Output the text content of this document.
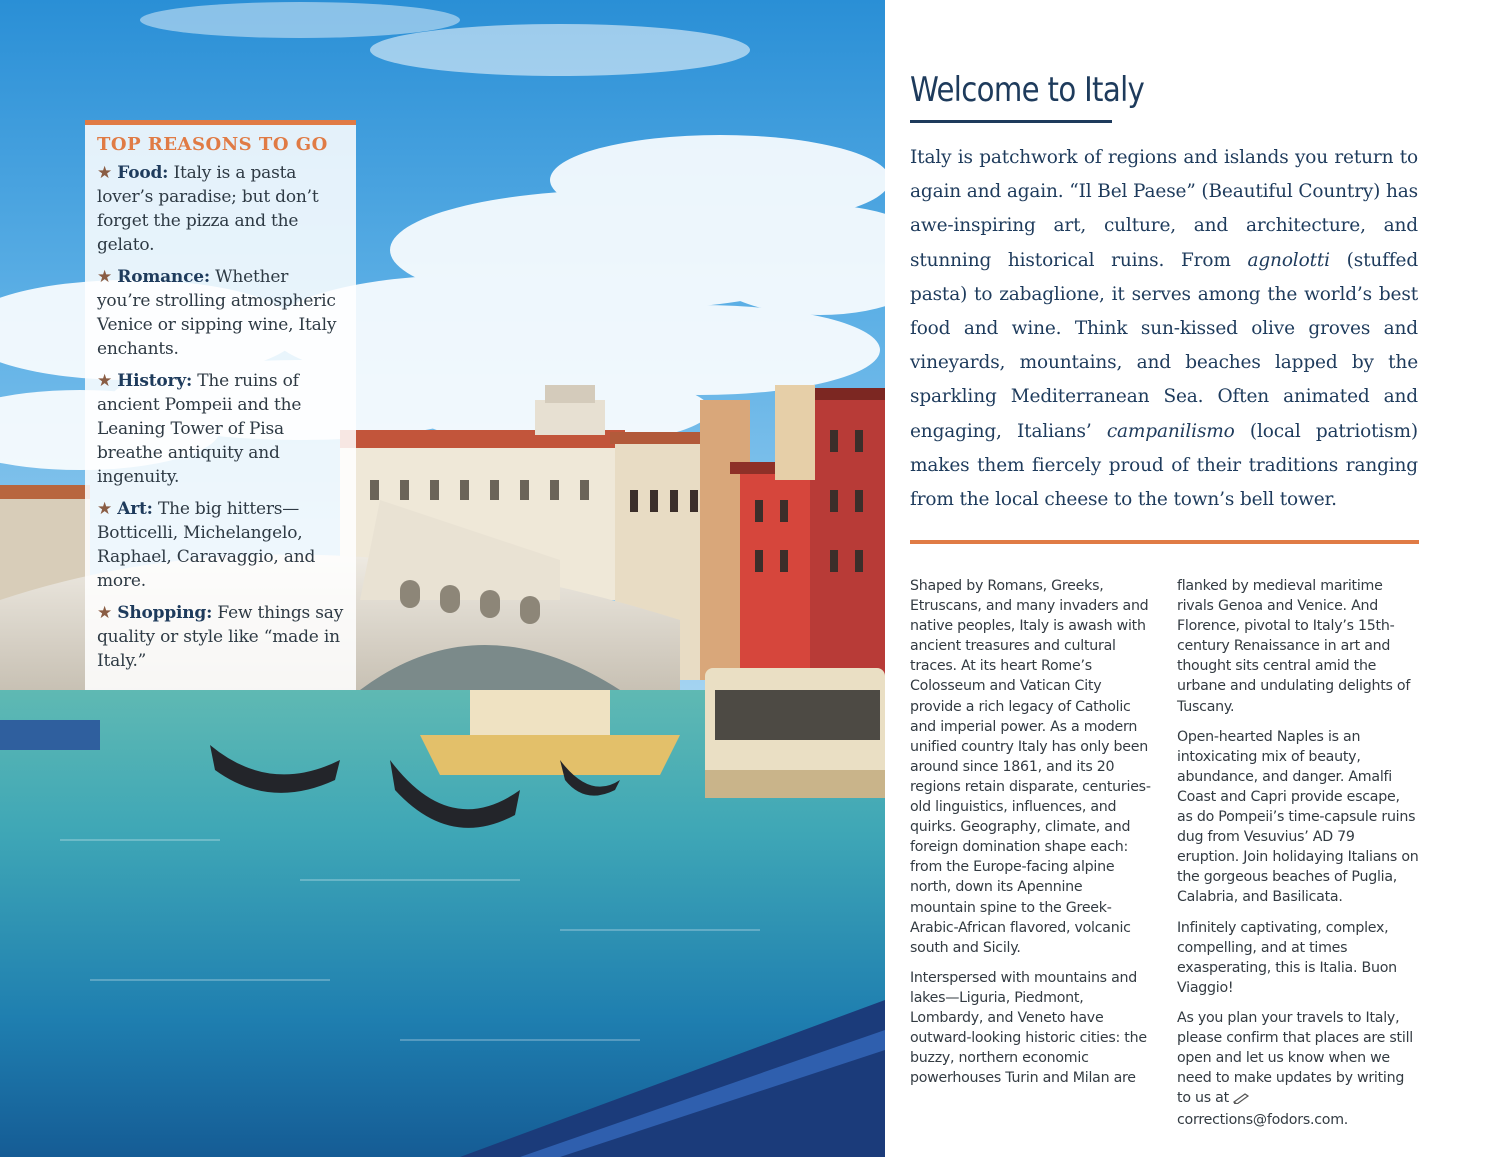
TOP REASONS TO GO

★ Food: Italy is a pasta lover’s paradise; but don’t forget the pizza and the gelato.

★ Romance: Whether you’re strolling atmospheric Venice or sipping wine, Italy enchants.

★ History: The ruins of ancient Pompeii and the Leaning Tower of Pisa breathe antiquity and ingenuity.

★ Art: The big hitters—Botticelli, Michelangelo, Raphael, Caravaggio, and more.

★ Shopping: Few things say quality or style like “made in Italy.”

Welcome to Italy

Italy is patchwork of regions and islands you return to again and again. “Il Bel Paese” (Beautiful Country) has awe-inspiring art, culture, and architecture, and stunning historical ruins. From agnolotti (stuffed pasta) to zabaglione, it serves among the world’s best food and wine. Think sun-kissed olive groves and vineyards, mountains, and beaches lapped by the sparkling Mediterranean Sea. Often animated and engaging, Italians’ campanilismo (local patriotism) makes them fiercely proud of their traditions ranging from the local cheese to the town’s bell tower.

Shaped by Romans, Greeks, Etruscans, and many invaders and native peoples, Italy is awash with ancient treasures and cultural traces. At its heart Rome’s Colosseum and Vatican City provide a rich legacy of Catholic and imperial power. As a modern unified country Italy has only been around since 1861, and its 20 regions retain disparate, centuries-old linguistics, influences, and quirks. Geography, climate, and foreign domination shape each: from the Europe-facing alpine north, down its Apennine mountain spine to the Greek-Arabic-African flavored, volcanic south and Sicily.

Interspersed with mountains and lakes—Liguria, Piedmont, Lombardy, and Veneto have outward-looking historic cities: the buzzy, northern economic powerhouses Turin and Milan are

flanked by medieval maritime rivals Genoa and Venice. And Florence, pivotal to Italy’s 15th-century Renaissance in art and thought sits central amid the urbane and undulating delights of Tuscany.

Open-hearted Naples is an intoxicating mix of beauty, abundance, and danger. Amalfi Coast and Capri provide escape, as do Pompeii’s time-capsule ruins dug from Vesuvius’ AD 79 eruption. Join holidaying Italians on the gorgeous beaches of Puglia, Calabria, and Basilicata.

Infinitely captivating, complex, compelling, and at times exasperating, this is Italia. Buon Viaggio!

As you plan your travels to Italy, please confirm that places are still open and let us know when we need to make updates by writing to us at corrections@fodors.com.
